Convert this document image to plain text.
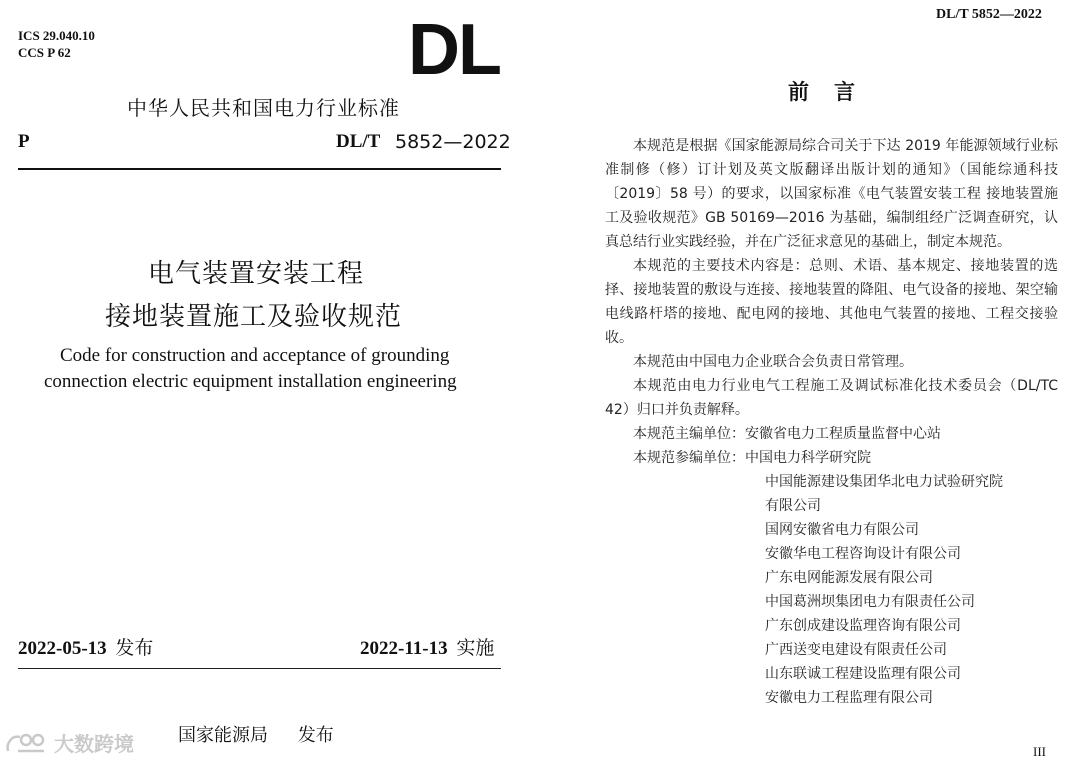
ICS 29.040.10
CCS P 62	DL
中华人民共和国电力行业标准
P	DL/T 5852—2022
电气装置安装工程
接地装置施工及验收规范
Code for construction and acceptance of grounding
connection electric equipment installation engineering
2022-05-13 发布	2022-11-13 实施
国家能源局 发布
大数跨境
DL/T 5852—2022
前　言

本规范是根据《国家能源局综合司关于下达 2019 年能源领域行业标准制修（修）订计划及英文版翻译出版计划的通知》（国能综通科技〔2019〕58 号）的要求，以国家标准《电气装置安装工程 接地装置施工及验收规范》GB 50169—2016 为基础，编制组经广泛调查研究，认真总结行业实践经验，并在广泛征求意见的基础上，制定本规范。

本规范的主要技术内容是：总则、术语、基本规定、接地装置的选择、接地装置的敷设与连接、接地装置的降阻、电气设备的接地、架空输电线路杆塔的接地、配电网的接地、其他电气装置的接地、工程交接验收。

本规范由中国电力企业联合会负责日常管理。

本规范由电力行业电气工程施工及调试标准化技术委员会（DL/TC 42）归口并负责解释。

本规范主编单位：安徽省电力工程质量监督中心站

本规范参编单位：中国电力科学研究院

中国能源建设集团华北电力试验研究院
有限公司
国网安徽省电力有限公司
安徽华电工程咨询设计有限公司
广东电网能源发展有限公司
中国葛洲坝集团电力有限责任公司
广东创成建设监理咨询有限公司
广西送变电建设有限责任公司
山东联诚工程建设监理有限公司
安徽电力工程监理有限公司
III
